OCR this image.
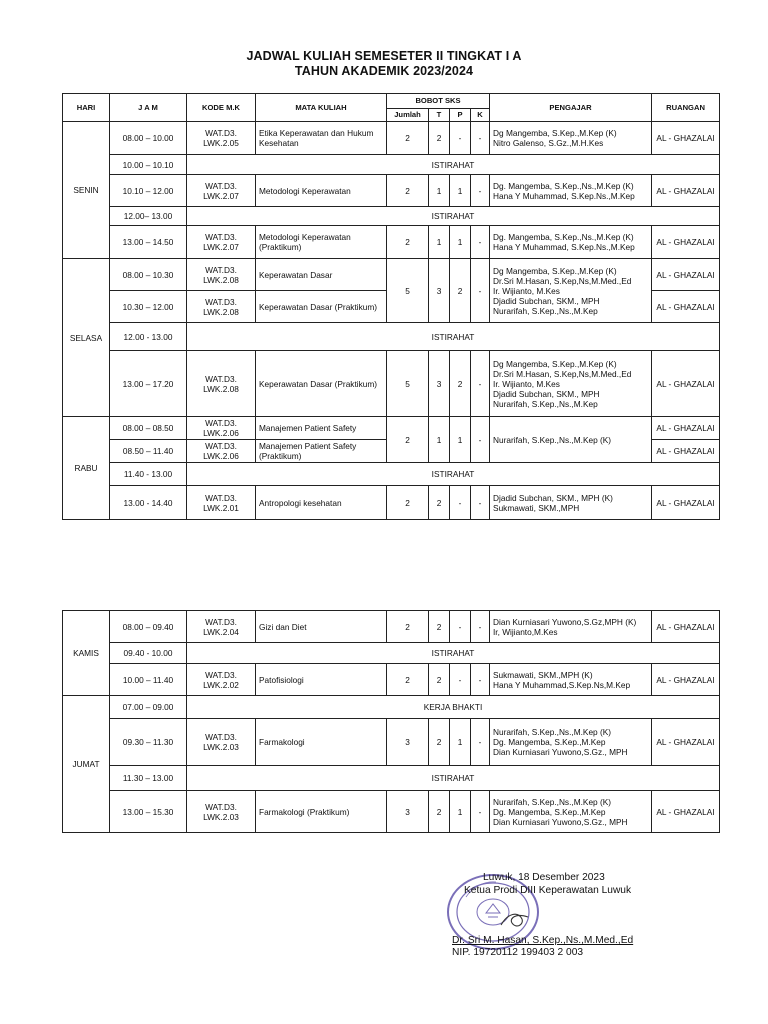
JADWAL KULIAH SEMESETER II TINGKAT I A
TAHUN AKADEMIK 2023/2024
HARI	J A M	KODE M.K	MATA KULIAH	BOBOT SKS				PENGAJAR	RUANGAN
				Jumlah	T	P	K		
SENIN	08.00 – 10.00	WAT.D3.
LWK.2.05	Etika Keperawatan dan Hukum
Kesehatan	2	2	-	-	Dg Mangemba, S.Kep.,M.Kep (K)
Nitro Galenso, S.Gz.,M.H.Kes	AL - GHAZALAI
	10.00 – 10.10	ISTIRAHAT							
	10.10 – 12.00	WAT.D3.
LWK.2.07	Metodologi Keperawatan	2	1	1	-	Dg. Mangemba, S.Kep.,Ns.,M.Kep (K)
Hana Y Muhammad, S.Kep.Ns.,M.Kep	AL - GHAZALAI
	12.00– 13.00	ISTIRAHAT							
	13.00 – 14.50	WAT.D3.
LWK.2.07	Metodologi Keperawatan
(Praktikum)	2	1	1	-	Dg. Mangemba, S.Kep.,Ns.,M.Kep (K)
Hana Y Muhammad, S.Kep.Ns.,M.Kep	AL - GHAZALAI
SELASA	08.00 – 10.30	WAT.D3.
LWK.2.08	Keperawatan Dasar	5	3	2	-	Dg Mangemba, S.Kep.,M.Kep (K)
Dr.Sri M.Hasan, S.Kep,Ns,M.Med.,Ed
Ir. Wijianto, M.Kes
Djadid Subchan, SKM., MPH
Nurarifah, S.Kep.,Ns.,M.Kep	AL - GHAZALAI
	10.30 – 12.00	WAT.D3.
LWK.2.08	Keperawatan Dasar (Praktikum)						AL - GHAZALAI
	12.00 - 13.00	ISTIRAHAT							
	13.00 – 17.20	WAT.D3.
LWK.2.08	Keperawatan Dasar (Praktikum)	5	3	2	-	Dg Mangemba, S.Kep.,M.Kep (K)
Dr.Sri M.Hasan, S.Kep,Ns,M.Med.,Ed
Ir. Wijianto, M.Kes
Djadid Subchan, SKM., MPH
Nurarifah, S.Kep.,Ns.,M.Kep	AL - GHAZALAI
RABU	08.00 – 08.50	WAT.D3.
LWK.2.06	Manajemen Patient Safety	2	1	1	-	Nurarifah, S.Kep.,Ns.,M.Kep (K)	AL - GHAZALAI
	08.50 – 11.40	WAT.D3.
LWK.2.06	Manajemen Patient Safety
(Praktikum)						AL - GHAZALAI
	11.40 - 13.00	ISTIRAHAT							
	13.00 - 14.40	WAT.D3.
LWK.2.01	Antropologi kesehatan	2	2	-	-	Djadid Subchan, SKM., MPH (K)
Sukmawati, SKM.,MPH	AL - GHAZALAI
KAMIS	08.00 – 09.40	WAT.D3.
LWK.2.04	Gizi dan Diet	2	2	-	-	Dian Kurniasari Yuwono,S.Gz,MPH (K)
Ir, Wijianto,M.Kes	AL - GHAZALAI
	09.40 - 10.00	ISTIRAHAT							
	10.00 – 11.40	WAT.D3.
LWK.2.02	Patofisiologi	2	2	-	-	Sukmawati, SKM.,MPH (K)
Hana Y Muhammad,S.Kep.Ns,M.Kep	AL - GHAZALAI
JUMAT	07.00 – 09.00	KERJA BHAKTI							
	09.30 – 11.30	WAT.D3.
LWK.2.03	Farmakologi	3	2	1	-	Nurarifah, S.Kep.,Ns.,M.Kep (K)
Dg. Mangemba, S.Kep.,M.Kep
Dian Kurniasari Yuwono,S.Gz., MPH	AL - GHAZALAI
	11.30 – 13.00	ISTIRAHAT							
	13.00 – 15.30	WAT.D3.
LWK.2.03	Farmakologi (Praktikum)	3	2	1	-	Nurarifah, S.Kep.,Ns.,M.Kep (K)
Dg. Mangemba, S.Kep.,M.Kep
Dian Kurniasari Yuwono,S.Gz., MPH	AL - GHAZALAI
Luwuk, 18 Desember 2023
Ketua Prodi DIII Keperawatan Luwuk
Dr. Sri M. Hasan, S.Kep.,Ns.,M.Med.,Ed
NIP. 19720112 199403 2 003
